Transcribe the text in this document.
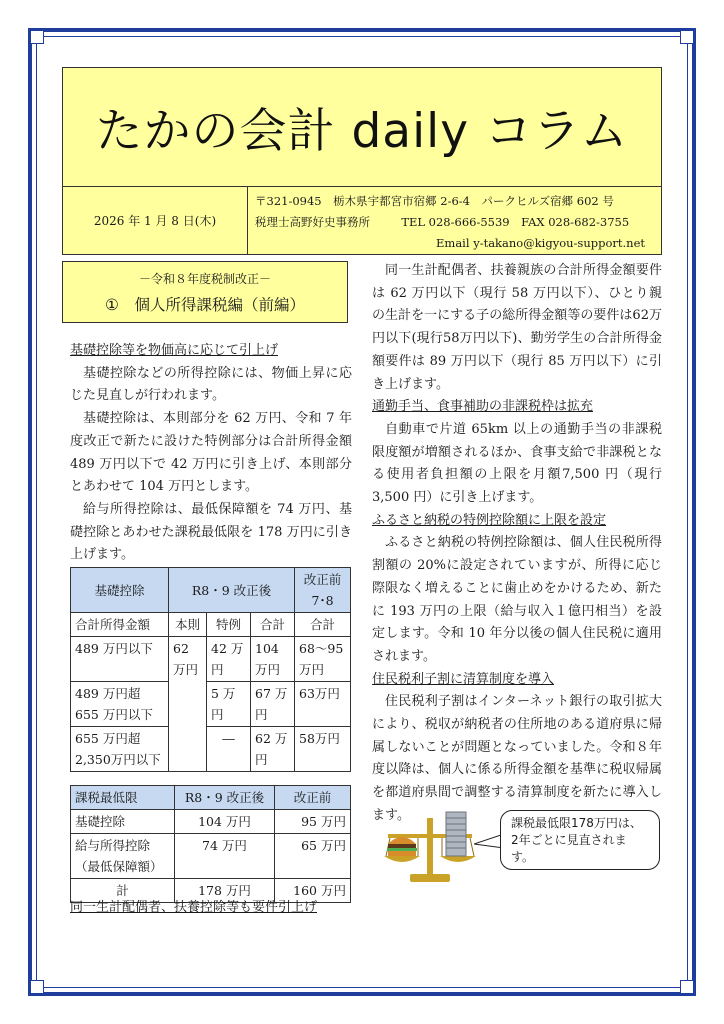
たかの会計 daily コラム
2026 年 1 月 8 日(木)
〒321-0945　栃木県宇都宮市宿郷 2-6-4　パークヒルズ宿郷 602 号
税理士高野好史事務所	TEL 028-666-5539　FAX 028-682-3755
Email y-takano@kigyou-support.net
－令和８年度税制改正－
①　個人所得課税編（前編）

基礎控除等を物価高に応じて引上げ

基礎控除などの所得控除には、物価上昇に応じた見直しが行われます。

基礎控除は、本則部分を 62 万円、令和 7 年度改正で新たに設けた特例部分は合計所得金額 489 万円以下で 42 万円に引き上げ、本則部分とあわせて 104 万円とします。

給与所得控除は、最低保障額を 74 万円、基礎控除とあわせた課税最低限を 178 万円に引き上げます。

基礎控除	R8・9 改正後			改正前 7･8
合計所得金額	本則	特例	合計	合計
489 万円以下	62 万円	42 万円	104万円	68～95万円
489 万円超 655 万円以下		5 万円	67 万円	63万円
655 万円超 2,350万円以下		―	62 万円	58万円
課税最低限	R8・9 改正後	改正前
基礎控除	104 万円	95 万円
給与所得控除（最低保障額）	74 万円	65 万円
計	178 万円	160 万円
同一生計配偶者、扶養控除等も要件引上げ

同一生計配偶者、扶養親族の合計所得金額要件は 62 万円以下（現行 58 万円以下）、ひとり親の生計を一にする子の総所得金額等の要件は62万円以下(現行58万円以下)、勤労学生の合計所得金額要件は 89 万円以下（現行 85 万円以下）に引き上げます。

通勤手当、食事補助の非課税枠は拡充

自動車で片道 65km 以上の通勤手当の非課税限度額が増額されるほか、食事支給で非課税となる使用者負担額の上限を月額7,500 円（現行 3,500 円）に引き上げます。

ふるさと納税の特例控除額に上限を設定

ふるさと納税の特例控除額は、個人住民税所得割額の 20%に設定されていますが、所得に応じ際限なく増えることに歯止めをかけるため、新たに 193 万円の上限（給与収入１億円相当）を設定します。令和 10 年分以後の個人住民税に適用されます。

住民税利子割に清算制度を導入

住民税利子割はインターネット銀行の取引拡大により、税収が納税者の住所地のある道府県に帰属しないことが問題となっていました。令和８年度以降は、個人に係る所得金額を基準に税収帰属を都道府県間で調整する清算制度を新たに導入します。

課税最低限178万円は、2年ごとに見直されます。
